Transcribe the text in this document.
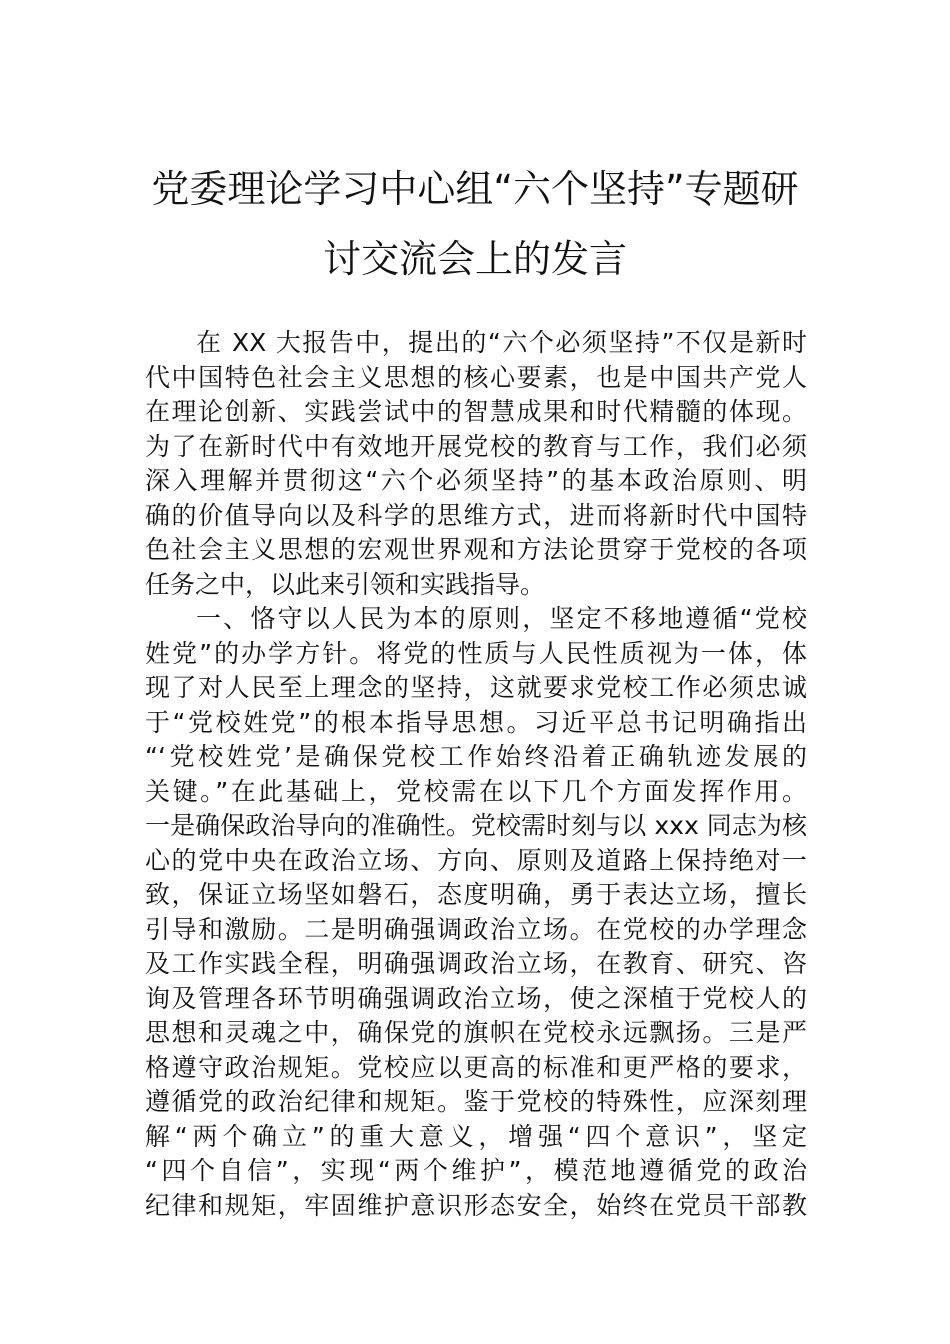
党委理论学习中心组“六个坚持”专题研
讨交流会上的发言
在 XX 大报告中，提出的“六个必须坚持”不仅是新时
代中国特色社会主义思想的核心要素，也是中国共产党人
在理论创新、实践尝试中的智慧成果和时代精髓的体现。
为了在新时代中有效地开展党校的教育与工作，我们必须
深入理解并贯彻这“六个必须坚持”的基本政治原则、明
确的价值导向以及科学的思维方式，进而将新时代中国特
色社会主义思想的宏观世界观和方法论贯穿于党校的各项
任务之中，以此来引领和实践指导。
一、恪守以人民为本的原则，坚定不移地遵循“党校
姓党”的办学方针。将党的性质与人民性质视为一体，体
现了对人民至上理念的坚持，这就要求党校工作必须忠诚
于“党校姓党”的根本指导思想。习近平总书记明确指出
“‘党校姓党’是确保党校工作始终沿着正确轨迹发展的
关键。”在此基础上，党校需在以下几个方面发挥作用。
一是确保政治导向的准确性。党校需时刻与以 xxx 同志为核
心的党中央在政治立场、方向、原则及道路上保持绝对一
致，保证立场坚如磐石，态度明确，勇于表达立场，擅长
引导和激励。二是明确强调政治立场。在党校的办学理念
及工作实践全程，明确强调政治立场，在教育、研究、咨
询及管理各环节明确强调政治立场，使之深植于党校人的
思想和灵魂之中，确保党的旗帜在党校永远飘扬。三是严
格遵守政治规矩。党校应以更高的标准和更严格的要求，
遵循党的政治纪律和规矩。鉴于党校的特殊性，应深刻理
解“两个确立”的重大意义，增强“四个意识”，坚定
“四个自信”，实现“两个维护”，模范地遵循党的政治
纪律和规矩，牢固维护意识形态安全，始终在党员干部教
